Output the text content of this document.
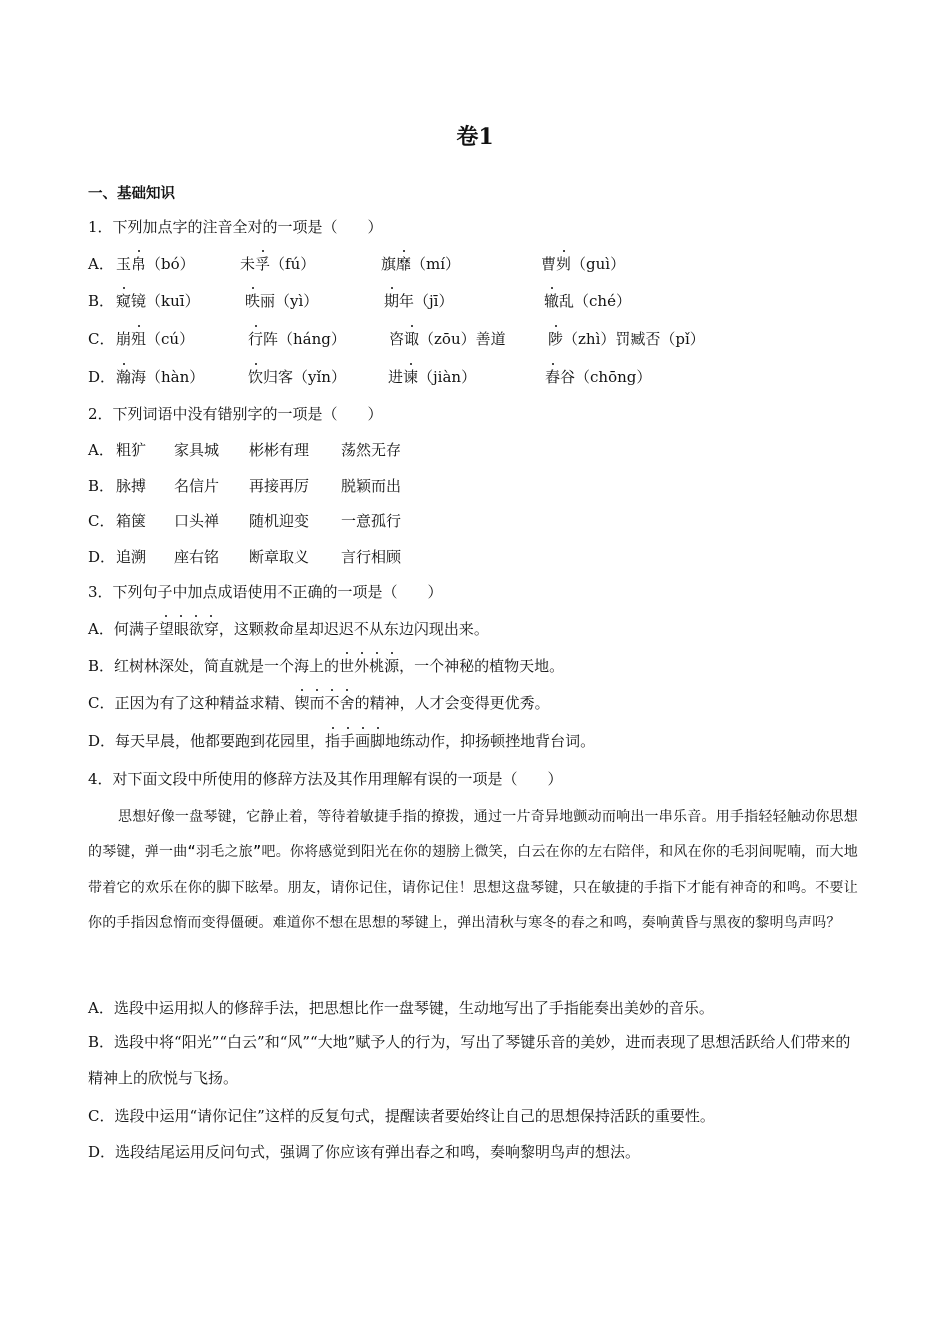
卷1
一、基础知识
1．下列加点字的注音全对的一项是（　　）
A． 玉帛（bó）	未孚（fú）	旗靡（mí）	曹刿（guì）
B． 窥镜（kuī）	昳丽（yì）	期年（jī）	辙乱（ché）
C． 崩殂（cú）	行阵（háng）	咨诹（zōu）善道	陟（zhì）罚臧否（pǐ）
D． 瀚海（hàn）	饮归客（yǐn）	进谏（jiàn）	舂谷（chōng）
2．下列词语中没有错别字的一项是（　　）
A． 粗犷 家具城 彬彬有理 荡然无存
B． 脉搏 名信片 再接再厉 脱颖而出
C． 箱箧 口头禅 随机迎变 一意孤行
D． 追溯 座右铭 断章取义 言行相顾
3．下列句子中加点成语使用不正确的一项是（　　）
A．何满子望眼欲穿，这颗救命星却迟迟不从东边闪现出来。
B．红树林深处，简直就是一个海上的世外桃源，一个神秘的植物天地。
C．正因为有了这种精益求精、锲而不舍的精神，人才会变得更优秀。
D．每天早晨，他都要跑到花园里，指手画脚地练动作，抑扬顿挫地背台词。
4．对下面文段中所使用的修辞方法及其作用理解有误的一项是（　　）
思想好像一盘琴键，它静止着，等待着敏捷手指的撩拨，通过一片奇异地颤动而响出一串乐音。用手指轻轻触动你思想的琴键，弹一曲“羽毛之旅”吧。你将感觉到阳光在你的翅膀上微笑，白云在你的左右陪伴，和风在你的毛羽间呢喃，而大地带着它的欢乐在你的脚下眩晕。朋友，请你记住，请你记住！思想这盘琴键，只在敏捷的手指下才能有神奇的和鸣。不要让你的手指因怠惰而变得僵硬。难道你不想在思想的琴键上，弹出清秋与寒冬的春之和鸣，奏响黄昏与黑夜的黎明鸟声吗？
A．选段中运用拟人的修辞手法，把思想比作一盘琴键，生动地写出了手指能奏出美妙的音乐。
B．选段中将“阳光”“白云”和“风”“大地”赋予人的行为，写出了琴键乐音的美妙，进而表现了思想活跃给人们带来的精神上的欣悦与飞扬。
C．选段中运用“请你记住”这样的反复句式，提醒读者要始终让自己的思想保持活跃的重要性。
D．选段结尾运用反问句式，强调了你应该有弹出春之和鸣，奏响黎明鸟声的想法。
